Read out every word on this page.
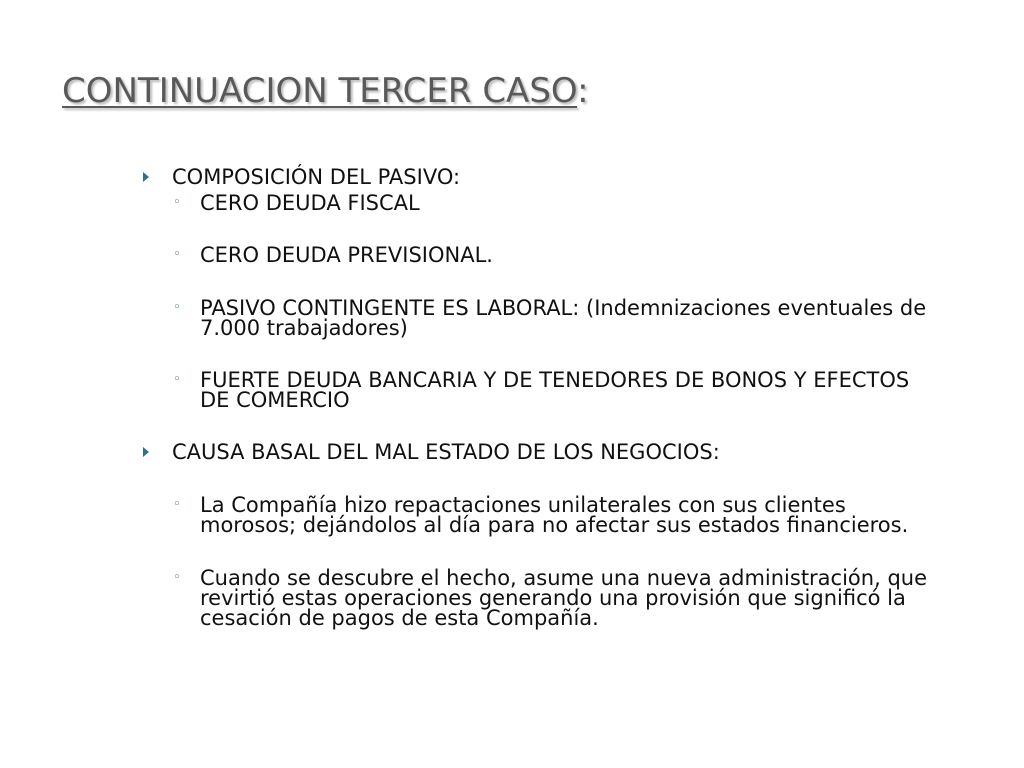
CONTINUACION TERCER CASO:
COMPOSICIÓN DEL PASIVO:
◦ CERO DEUDA FISCAL
◦ CERO DEUDA PREVISIONAL.
◦ PASIVO CONTINGENTE ES LABORAL: (Indemnizaciones eventuales de 7.000 trabajadores)
◦ FUERTE DEUDA BANCARIA Y DE TENEDORES DE BONOS Y EFECTOS DE COMERCIO
CAUSA BASAL DEL MAL ESTADO DE LOS NEGOCIOS:
◦ La Compañía hizo repactaciones unilaterales con sus clientes morosos; dejándolos al día para no afectar sus estados financieros.
◦ Cuando se descubre el hecho, asume una nueva administración, que revirtió estas operaciones generando una provisión que significó la cesación de pagos de esta Compañía.
